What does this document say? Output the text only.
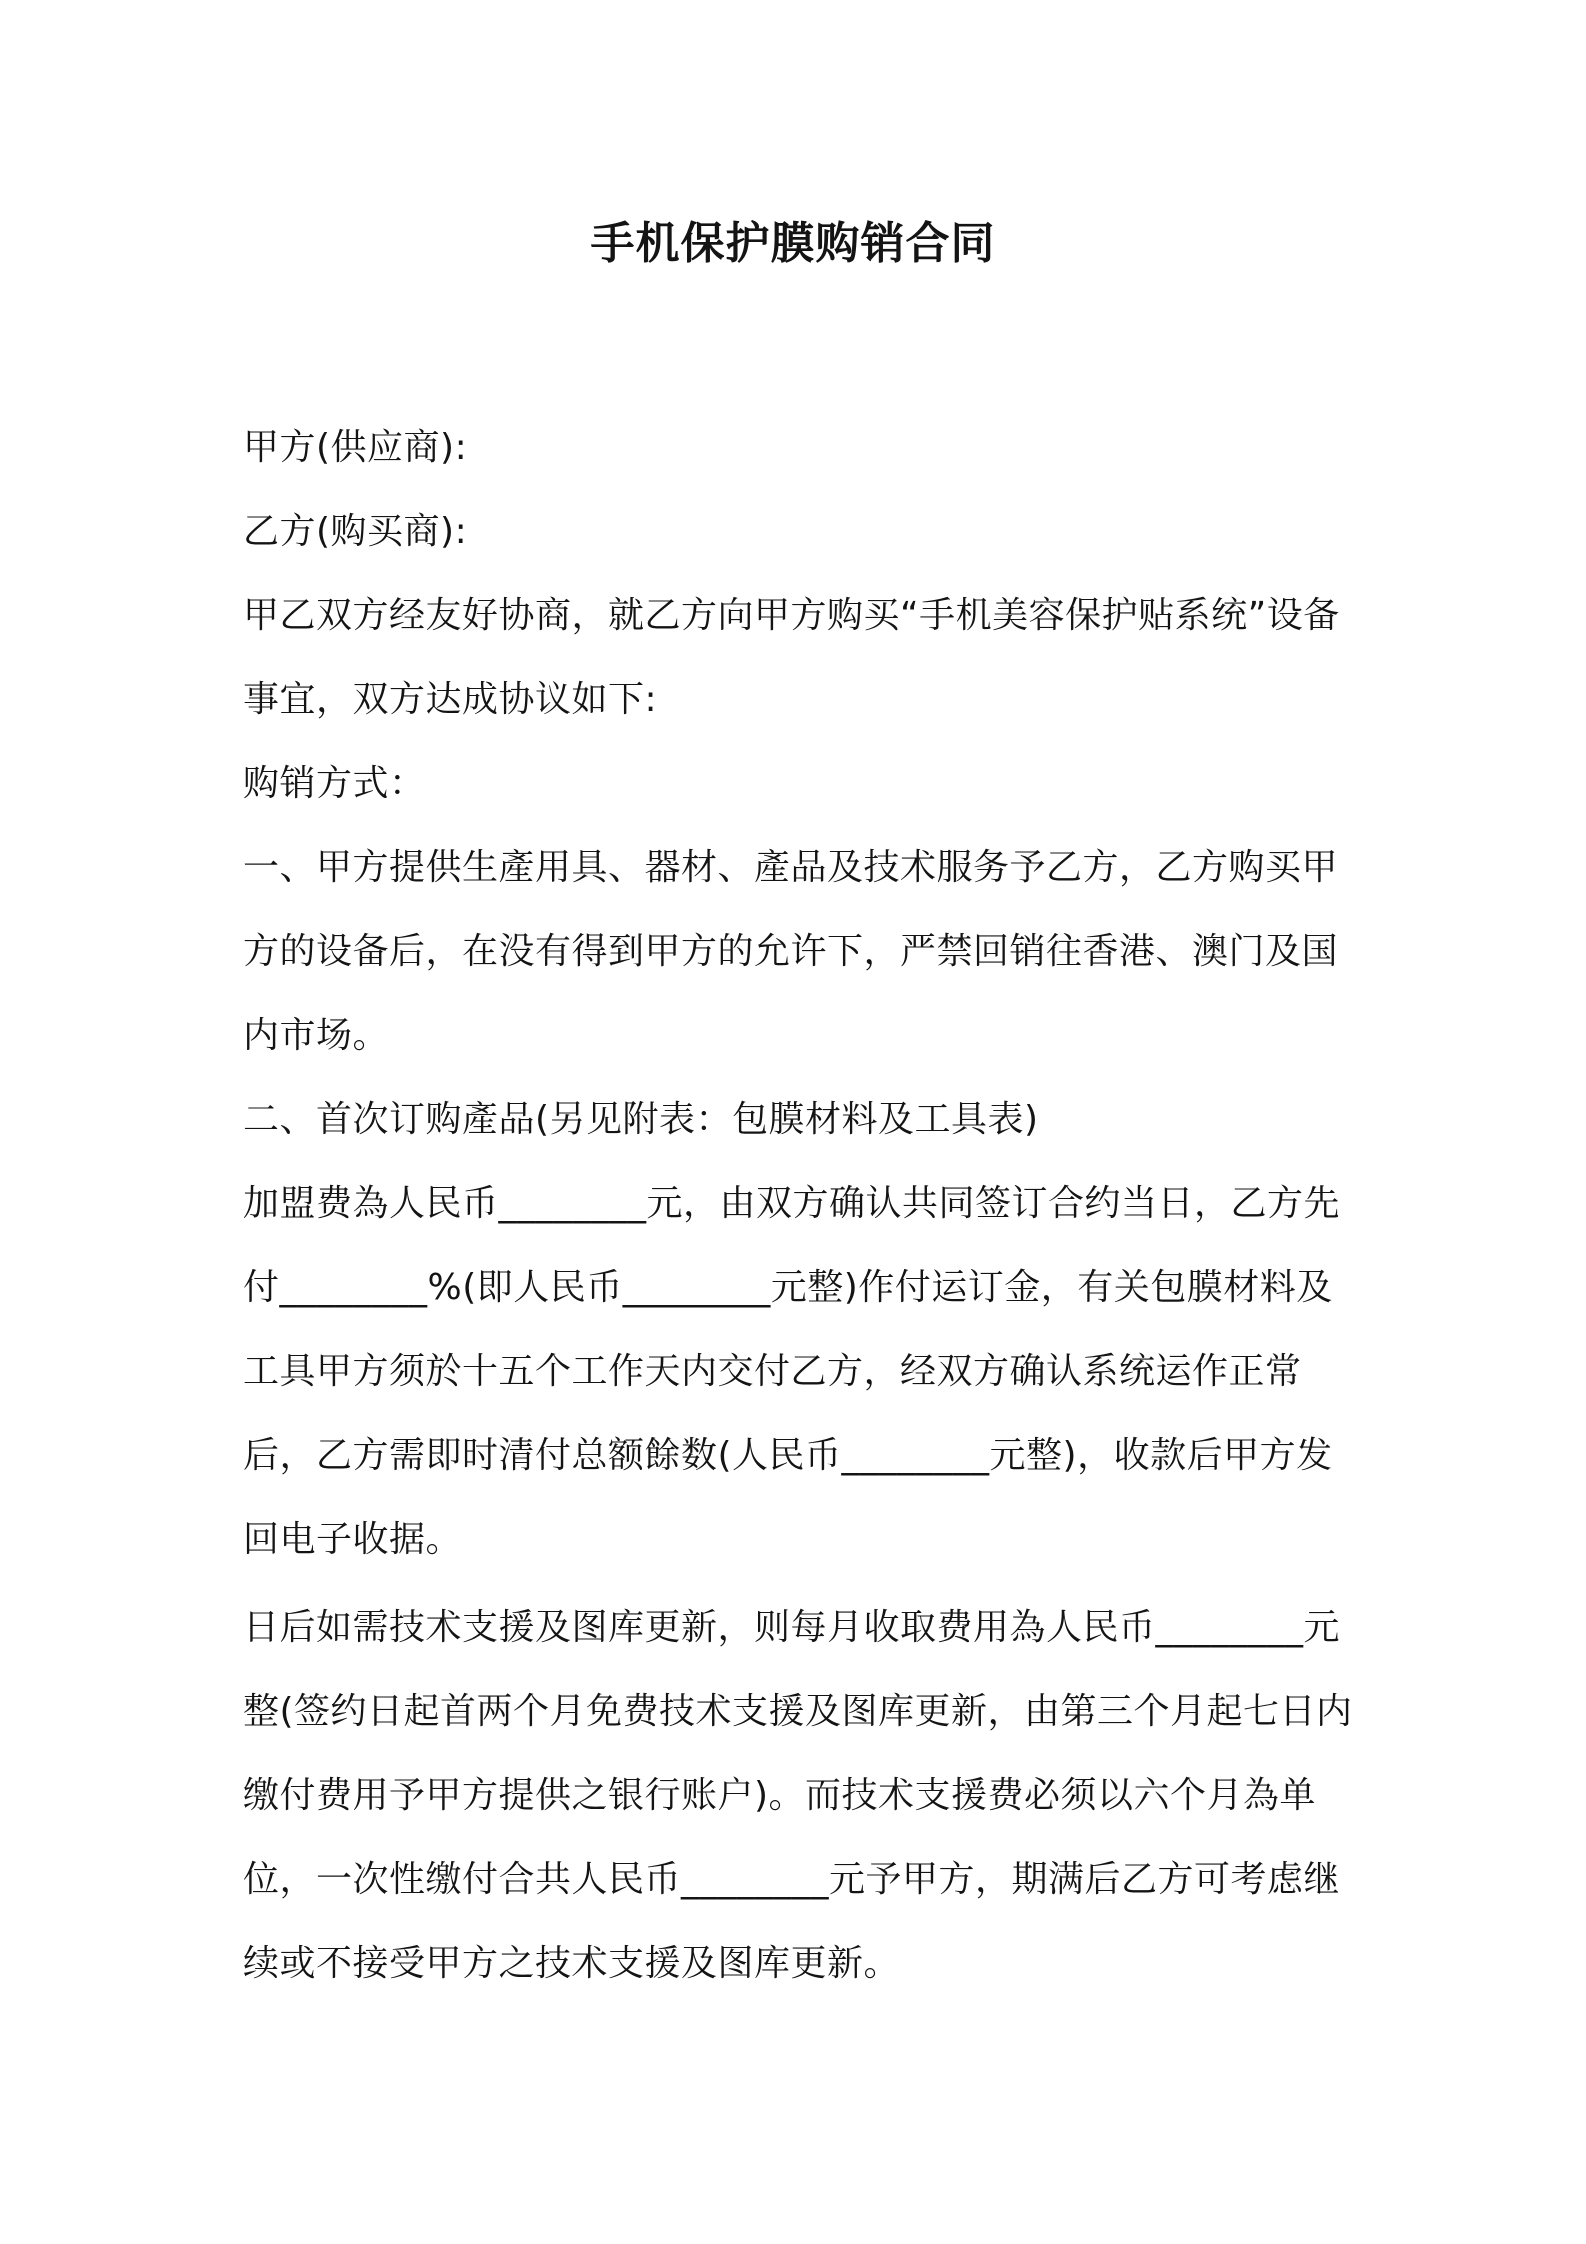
手机保护膜购销合同

甲方(供应商):

乙方(购买商):

甲乙双方经友好协商，就乙方向甲方购买“手机美容保护贴系统”设备事宜，双方达成协议如下:

购销方式：

一、甲方提供生產用具、器材、產品及技术服务予乙方，乙方购买甲方的设备后，在没有得到甲方的允许下，严禁回销往香港、澳门及国内市场。

二、首次订购產品(另见附表：包膜材料及工具表)

加盟费為人民币________元，由双方确认共同签订合约当日，乙方先付________%(即人民币________元整)作付运订金，有关包膜材料及工具甲方须於十五个工作天内交付乙方，经双方确认系统运作正常后，乙方需即时清付总额餘数(人民币________元整)，收款后甲方发回电子收据。

日后如需技术支援及图库更新，则每月收取费用為人民币________元整(签约日起首两个月免费技术支援及图库更新，由第三个月起七日内缴付费用予甲方提供之银行账户)。而技术支援费必须以六个月為单位，一次性缴付合共人民币________元予甲方，期满后乙方可考虑继续或不接受甲方之技术支援及图库更新。
